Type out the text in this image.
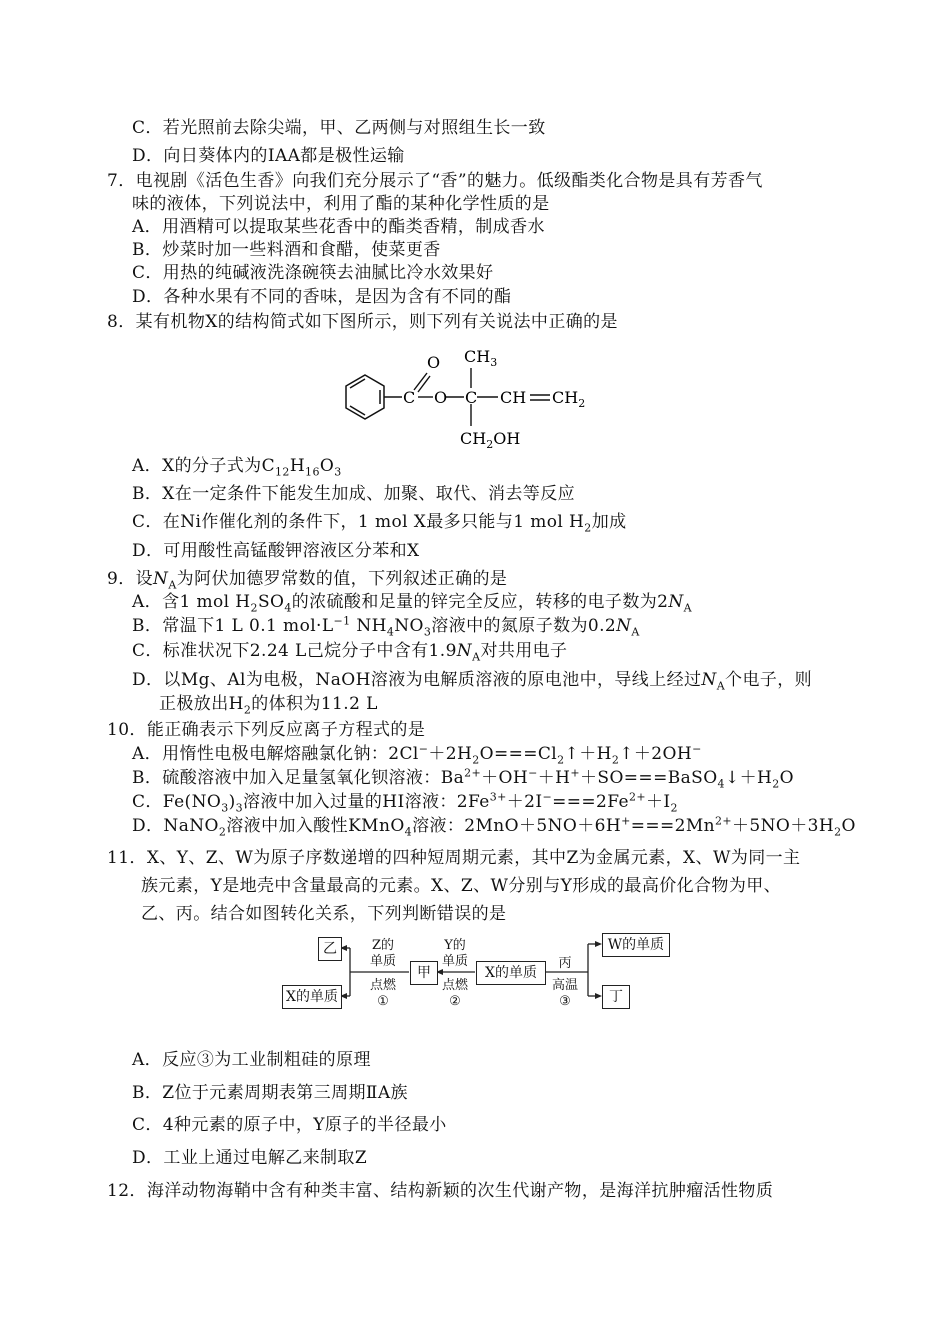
C．若光照前去除尖端，甲、乙两侧与对照组生长一致
D．向日葵体内的IAA都是极性运输
7．电视剧《活色生香》向我们充分展示了“香”的魅力。低级酯类化合物是具有芳香气
味的液体，下列说法中，利用了酯的某种化学性质的是
A．用酒精可以提取某些花香中的酯类香精，制成香水
B．炒菜时加一些料酒和食醋，使菜更香
C．用热的纯碱液洗涤碗筷去油腻比冷水效果好
D．各种水果有不同的香味，是因为含有不同的酯
8．某有机物X的结构简式如下图所示，则下列有关说法中正确的是
O $CH_3$
C O C CH $CH_2$
$CH_2OH$
A．X的分子式为$C_{12}H_{16}O_3$
B．X在一定条件下能发生加成、加聚、取代、消去等反应
C．在Ni作催化剂的条件下，1 mol X最多只能与1 mol $H_2$加成
D．可用酸性高锰酸钾溶液区分苯和X
9．设$N_A$为阿伏加德罗常数的值，下列叙述正确的是
A．含1 mol $H_2SO_4$的浓硫酸和足量的锌完全反应，转移的电子数为$2N_A$
B．常温下1 L 0.1 $mol\cdot L^{-1}$ $NH_4NO_3$溶液中的氮原子数为$0.2N_A$
C．标准状况下2.24 L己烷分子中含有$1.9N_A$对共用电子
D．以Mg、Al为电极，NaOH溶液为电解质溶液的原电池中，导线上经过$N_A$个电子，则
正极放出$H_2$的体积为11.2 L
10．能正确表示下列反应离子方程式的是
A．用惰性电极电解熔融氯化钠：$2Cl^-+2H_2O===Cl_2↑+H_2↑+2OH^-$
B．硫酸溶液中加入足量氢氧化钡溶液：$Ba^{2+}+OH^-+H^++SO===BaSO_4↓+H_2O$
C．$Fe(NO_3)_3$溶液中加入过量的HI溶液：$2Fe^{3+}+2I^-===2Fe^{2+}+I_2$
D．NaNO$_2$溶液中加入酸性KMnO$_4$溶液：$2MnO+5NO+6H^+===2Mn^{2+}+5NO+3H_2O$
11．X、Y、Z、W为原子序数递增的四种短周期元素，其中Z为金属元素，X、W为同一主
族元素，Y是地壳中含量最高的元素。X、Z、W分别与Y形成的最高价化合物为甲、
乙、丙。结合如图转化关系，下列判断错误的是
乙
X的单质
甲	X的单质
W的单质
丁
Z的
单质
点燃
①
Y的
单质
点燃
②
丙
高温
③
A．反应③为工业制粗硅的原理
B．Z位于元素周期表第三周期ⅡA族
C．4种元素的原子中，Y原子的半径最小
D．工业上通过电解乙来制取Z
12．海洋动物海鞘中含有种类丰富、结构新颖的次生代谢产物，是海洋抗肿瘤活性物质
